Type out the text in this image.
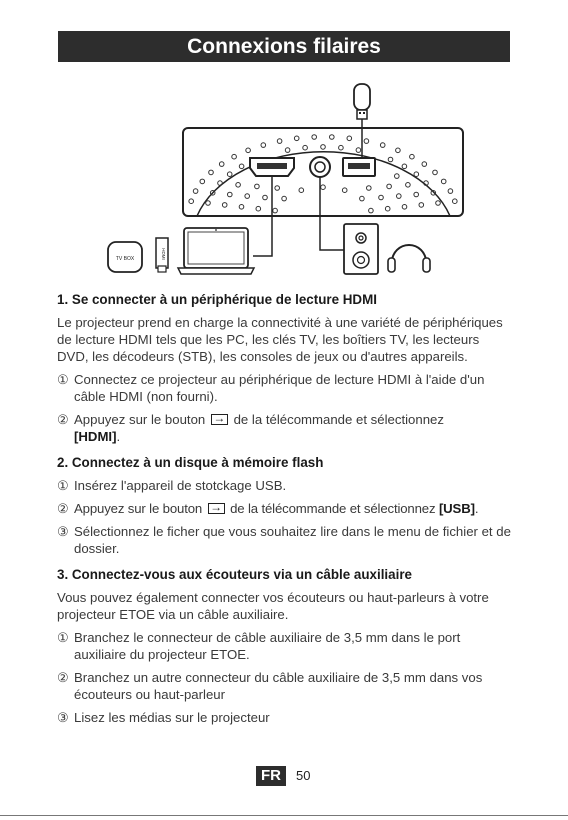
Connexions filaires
TV BOX	HDMI
1. Se connecter à un périphérique de lecture HDMI

Le projecteur prend en charge la connectivité à une variété de périphériques de lecture HDMI tels que les PC, les clés TV, les boîtiers TV, les lecteurs DVD, les décodeurs (STB), les consoles de jeux ou d'autres appareils.

① Connectez ce projecteur au périphérique de lecture HDMI à l'aide d'un câble HDMI (non fourni).
② Appuyez sur le bouton → de la télécommande et sélectionnez
[HDMI].
2. Connectez à un disque à mémoire flash
① Insérez l'appareil de stotckage USB.
② Appuyez sur le bouton → de la télécommande et sélectionnez [USB].
③ Sélectionnez le ficher que vous souhaitez lire dans le menu de fichier et de dossier.
3. Connectez-vous aux écouteurs via un câble auxiliaire

Vous pouvez également connecter vos écouteurs ou haut-parleurs à votre projecteur ETOE via un câble auxiliaire.

① Branchez le connecteur de câble auxiliaire de 3,5 mm dans le port auxiliaire du projecteur ETOE.
② Branchez un autre connecteur du câble auxiliaire de 3,5 mm dans vos écouteurs ou haut-parleur
③ Lisez les médias sur le projecteur
FR	50
